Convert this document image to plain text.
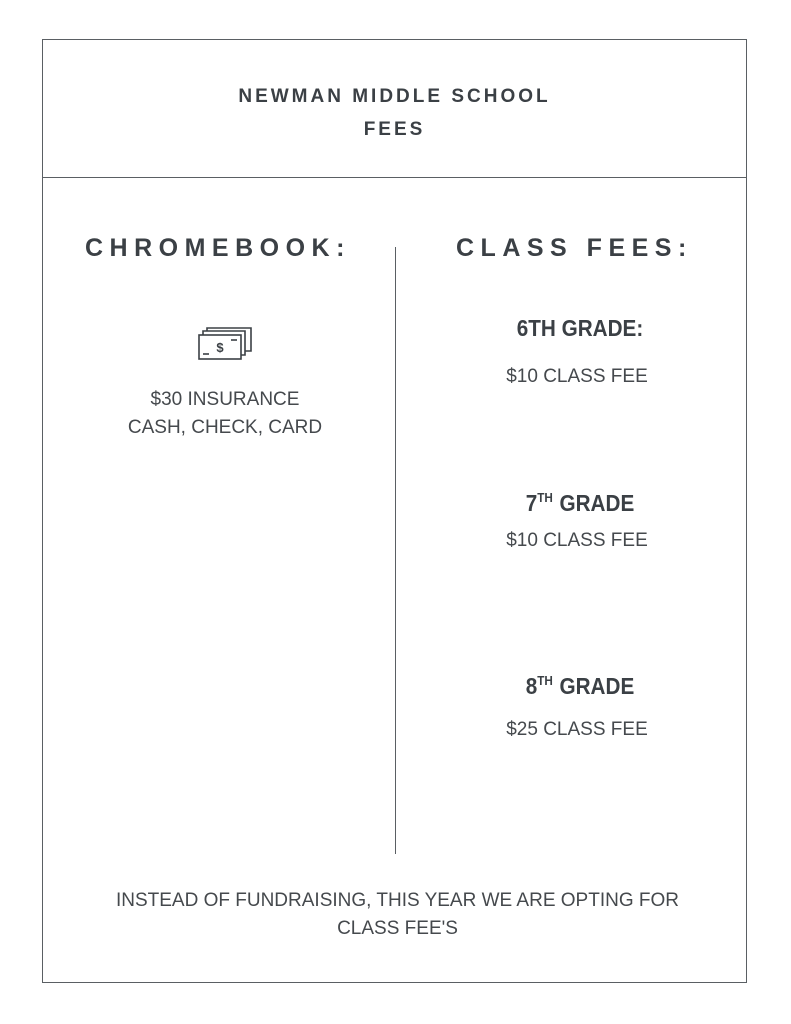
NEWMAN MIDDLE SCHOOL
FEES
CHROMEBOOK:	CLASS FEES:
$
$30 INSURANCE
CASH, CHECK, CARD
6TH GRADE:
$10 CLASS FEE
7TH GRADE
$10 CLASS FEE
8TH GRADE
$25 CLASS FEE
INSTEAD OF FUNDRAISING, THIS YEAR WE ARE OPTING FOR CLASS FEE'S
